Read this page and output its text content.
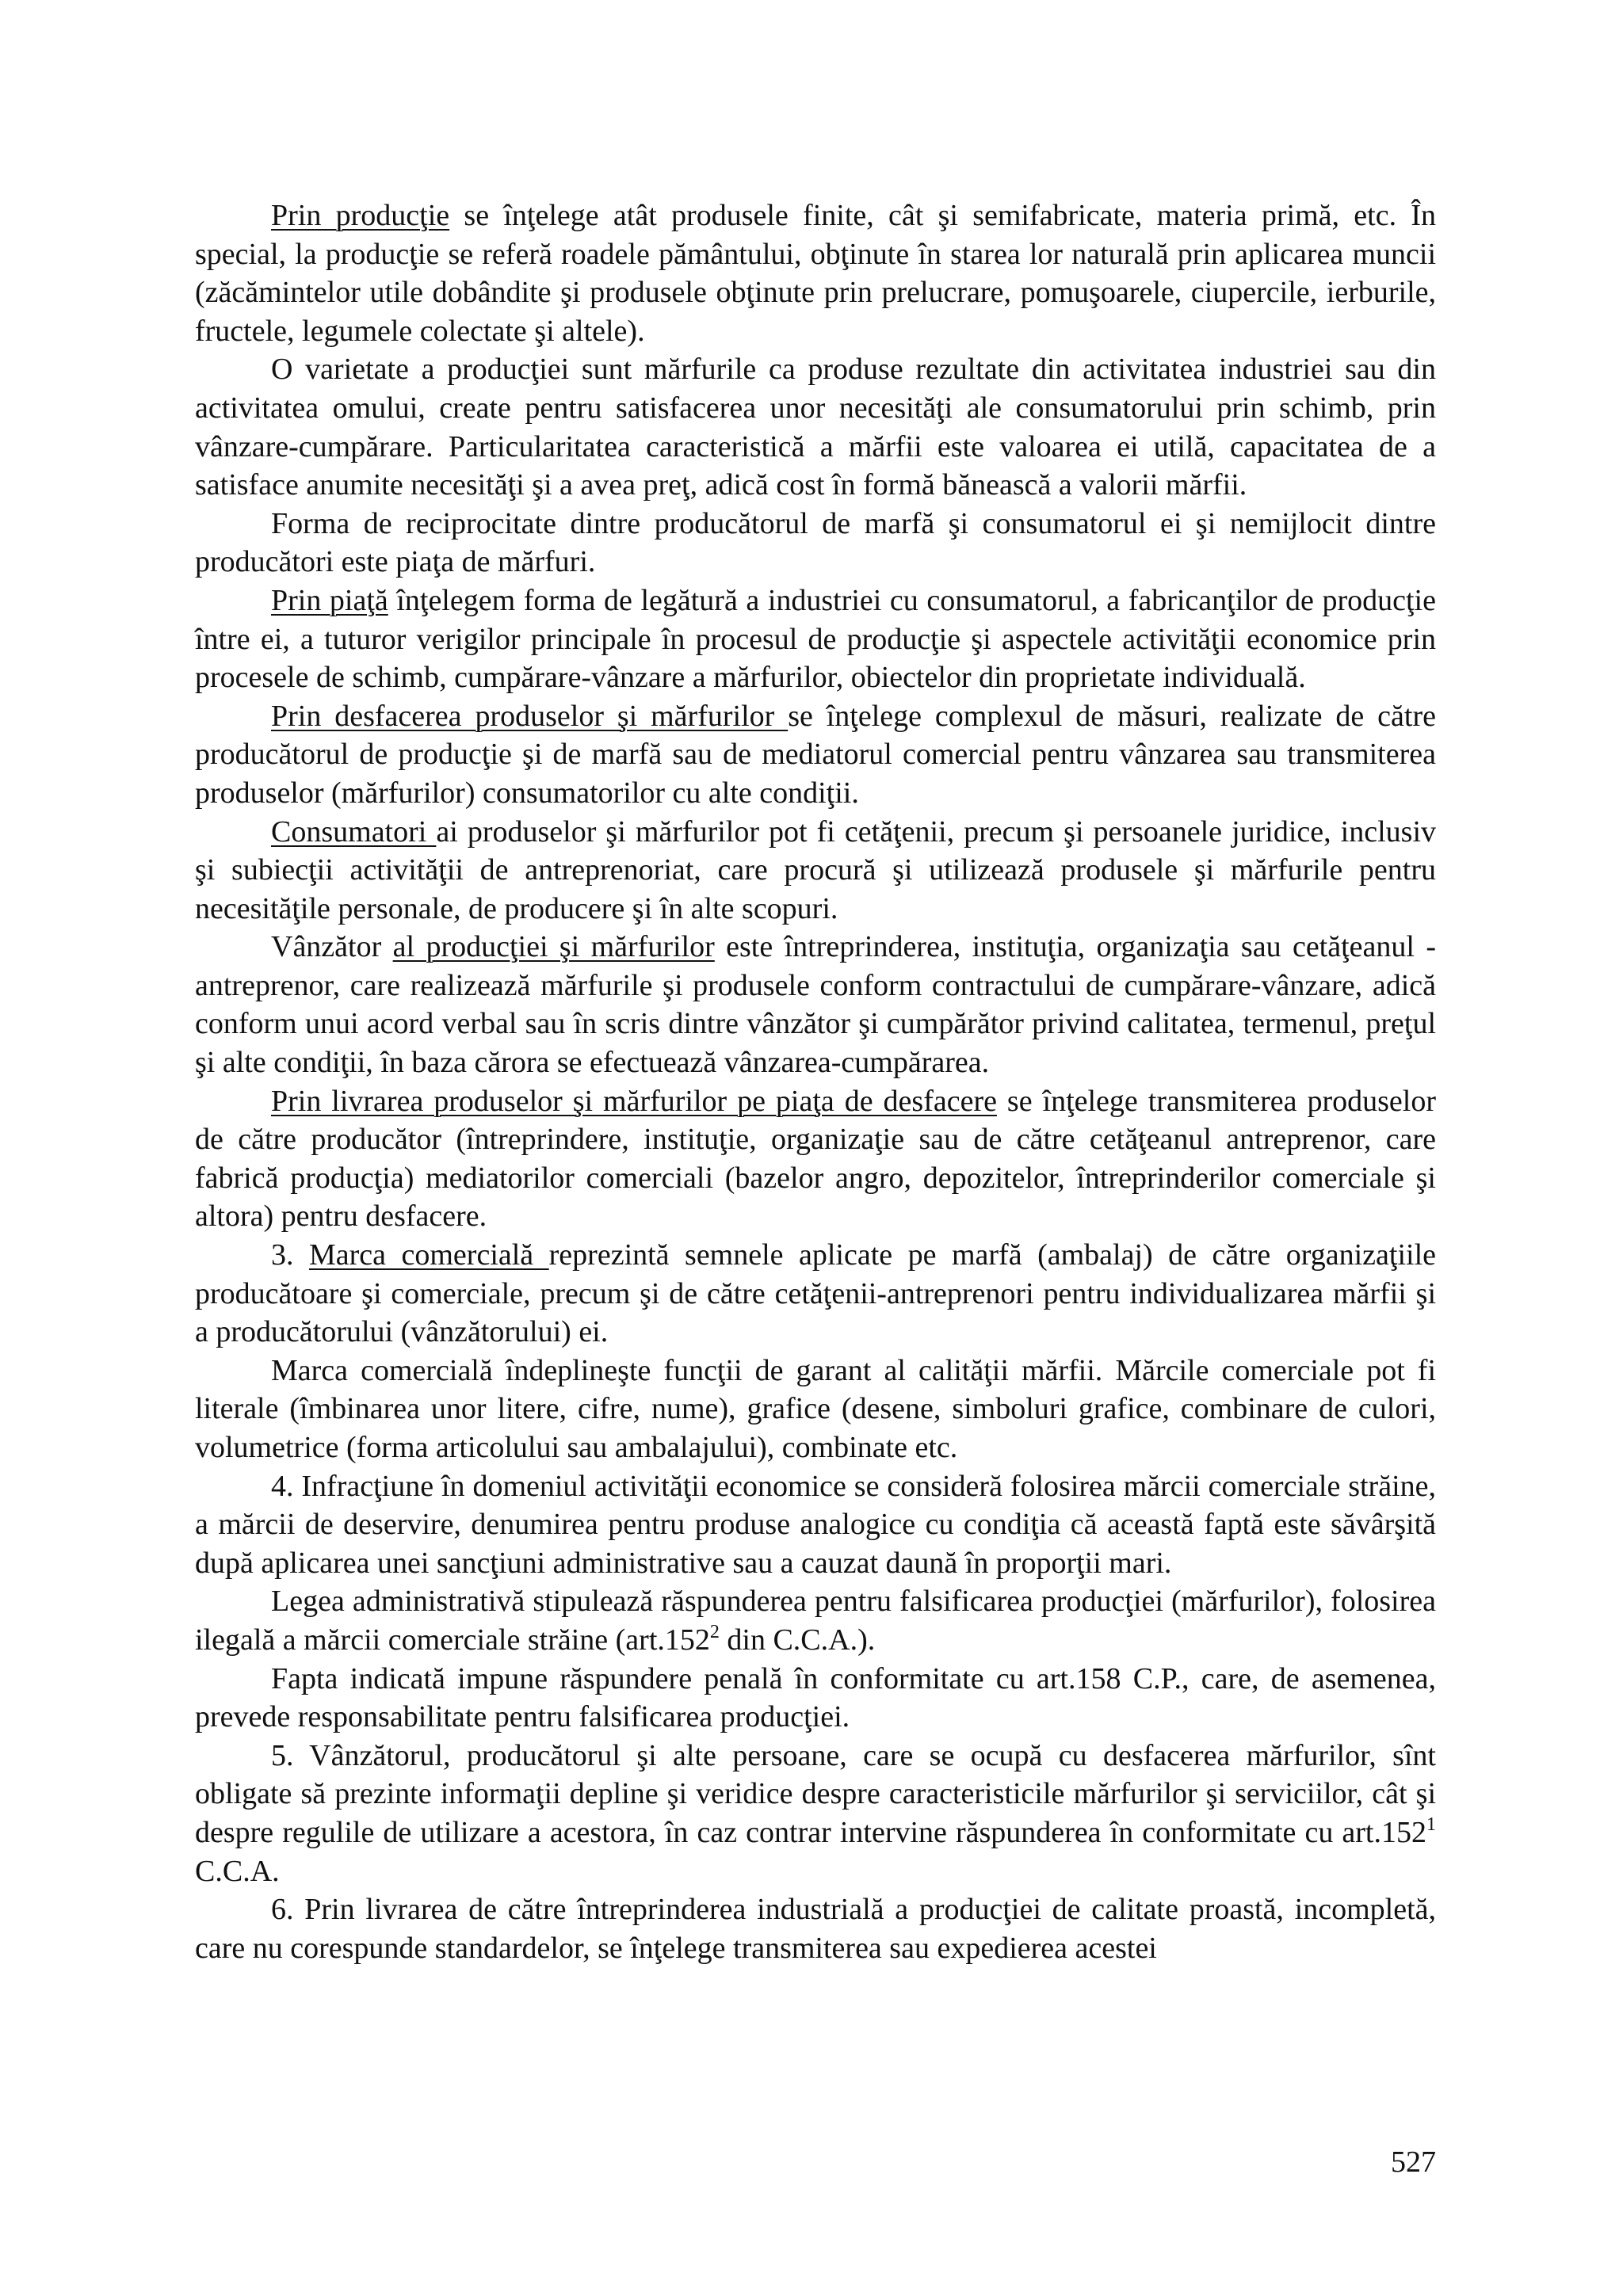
Prin producţie se înţelege atât produsele finite, cât şi semifabricate, materia primă, etc. În special, la producţie se referă roadele pământului, obţinute în starea lor naturală prin aplicarea muncii (zăcămintelor utile dobândite şi produsele obţinute prin prelucrare, pomuşoarele, ciupercile, ierburile, fructele, legumele colectate şi altele).

O varietate a producţiei sunt mărfurile ca produse rezultate din activitatea industriei sau din activitatea omului, create pentru satisfacerea unor necesităţi ale consumatorului prin schimb, prin vânzare-cumpărare. Particularitatea caracteristică a mărfii este valoarea ei utilă, capacitatea de a satisface anumite necesităţi şi a avea preţ, adică cost în formă bănească a valorii mărfii.

Forma de reciprocitate dintre producătorul de marfă şi consumatorul ei şi nemijlocit dintre producători este piaţa de mărfuri.

Prin piaţă înţelegem forma de legătură a industriei cu consumatorul, a fabricanţilor de producţie între ei, a tuturor verigilor principale în procesul de producţie şi aspectele activităţii economice prin procesele de schimb, cumpărare-vânzare a mărfurilor, obiectelor din proprietate individuală.

Prin desfacerea produselor şi mărfurilor se înţelege complexul de măsuri, realizate de către producătorul de producţie şi de marfă sau de mediatorul comercial pentru vânzarea sau transmiterea produselor (mărfurilor) consumatorilor cu alte condiţii.

Consumatori ai produselor şi mărfurilor pot fi cetăţenii, precum şi persoanele juridice, inclusiv şi subiecţii activităţii de antreprenoriat, care procură şi utilizează produsele şi mărfurile pentru necesităţile personale, de producere şi în alte scopuri.

Vânzător al producţiei şi mărfurilor este întreprinderea, instituţia, organizaţia sau cetăţeanul - antreprenor, care realizează mărfurile şi produsele conform contractului de cumpărare-vânzare, adică conform unui acord verbal sau în scris dintre vânzător şi cumpărător privind calitatea, termenul, preţul şi alte condiţii, în baza cărora se efectuează vânzarea-cumpărarea.

Prin livrarea produselor şi mărfurilor pe piaţa de desfacere se înţelege transmiterea produselor de către producător (întreprindere, instituţie, organizaţie sau de către cetăţeanul antreprenor, care fabrică producţia) mediatorilor comerciali (bazelor angro, depozitelor, întreprinderilor comerciale şi altora) pentru desfacere.

3. Marca comercială reprezintă semnele aplicate pe marfă (ambalaj) de către organizaţiile producătoare şi comerciale, precum şi de către cetăţenii-antreprenori pentru individualizarea mărfii şi a producătorului (vânzătorului) ei.

Marca comercială îndeplineşte funcţii de garant al calităţii mărfii. Mărcile comerciale pot fi literale (îmbinarea unor litere, cifre, nume), grafice (desene, simboluri grafice, combinare de culori, volumetrice (forma articolului sau ambalajului), combinate etc.

4. Infracţiune în domeniul activităţii economice se consideră folosirea mărcii comerciale străine, a mărcii de deservire, denumirea pentru produse analogice cu condiţia că această faptă este săvârşită după aplicarea unei sancţiuni administrative sau a cauzat daună în proporţii mari.

Legea administrativă stipulează răspunderea pentru falsificarea producţiei (mărfurilor), folosirea ilegală a mărcii comerciale străine (art.152$^2$ din C.C.A.).

Fapta indicată impune răspundere penală în conformitate cu art.158 C.P., care, de asemenea, prevede responsabilitate pentru falsificarea producţiei.

5. Vânzătorul, producătorul şi alte persoane, care se ocupă cu desfacerea mărfurilor, sînt obligate să prezinte informaţii depline şi veridice despre caracteristicile mărfurilor şi serviciilor, cât şi despre regulile de utilizare a acestora, în caz contrar intervine răspunderea în conformitate cu art.152$^1$ C.C.A.

6. Prin livrarea de către întreprinderea industrială a producţiei de calitate proastă, incompletă, care nu corespunde standardelor, se înţelege transmiterea sau expedierea acestei

527
